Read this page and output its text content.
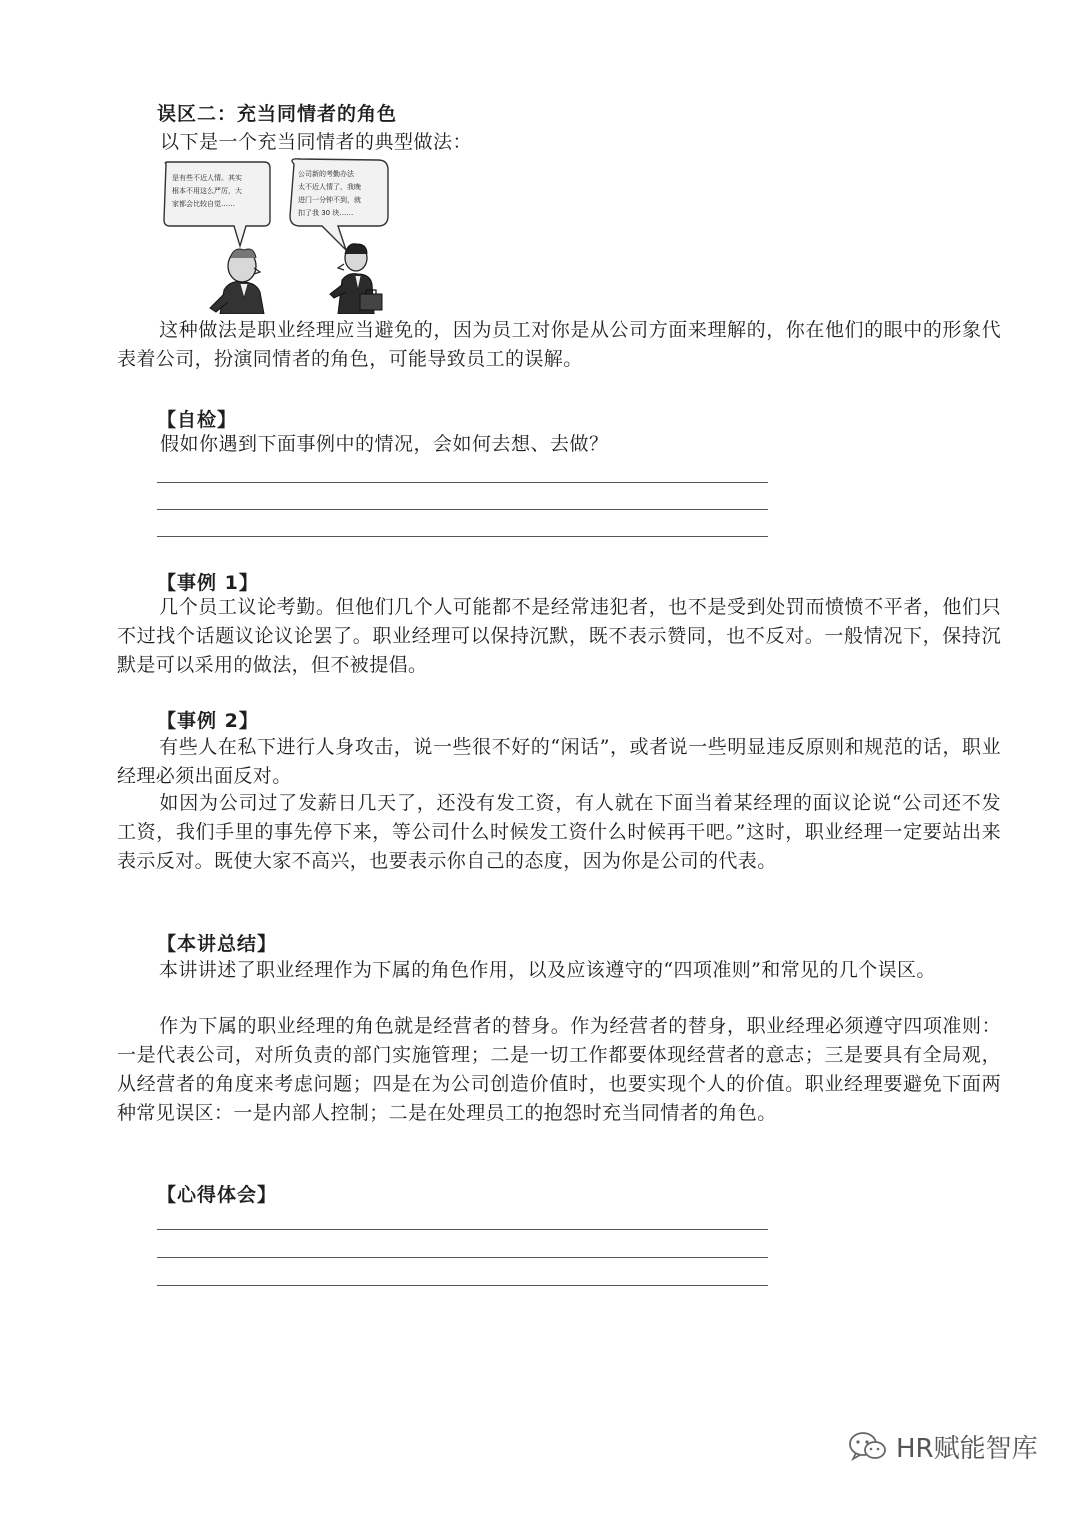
误区二：充当同情者的角色
以下是一个充当同情者的典型做法：
是有些不近人情。其实
根本不用这么严厉，大
家都会比较自觉……
公司新的考勤办法
太不近人情了，我晚
进门一分钟不到，就
扣了我 30 块……
这种做法是职业经理应当避免的，因为员工对你是从公司方面来理解的，你在他们的眼中的形象代表着公司，扮演同情者的角色，可能导致员工的误解。
【自检】
假如你遇到下面事例中的情况，会如何去想、去做？
【事例 1】
几个员工议论考勤。但他们几个人可能都不是经常违犯者，也不是受到处罚而愤愤不平者，他们只不过找个话题议论议论罢了。职业经理可以保持沉默，既不表示赞同，也不反对。一般情况下，保持沉默是可以采用的做法，但不被提倡。
【事例 2】
有些人在私下进行人身攻击，说一些很不好的“闲话”，或者说一些明显违反原则和规范的话，职业经理必须出面反对。
如因为公司过了发薪日几天了，还没有发工资，有人就在下面当着某经理的面议论说“公司还不发工资，我们手里的事先停下来，等公司什么时候发工资什么时候再干吧。”这时，职业经理一定要站出来表示反对。既使大家不高兴，也要表示你自己的态度，因为你是公司的代表。
【本讲总结】
本讲讲述了职业经理作为下属的角色作用，以及应该遵守的“四项准则”和常见的几个误区。
作为下属的职业经理的角色就是经营者的替身。作为经营者的替身，职业经理必须遵守四项准则：一是代表公司，对所负责的部门实施管理；二是一切工作都要体现经营者的意志；三是要具有全局观，从经营者的角度来考虑问题；四是在为公司创造价值时，也要实现个人的价值。职业经理要避免下面两种常见误区：一是内部人控制；二是在处理员工的抱怨时充当同情者的角色。
【心得体会】
HR赋能智库
